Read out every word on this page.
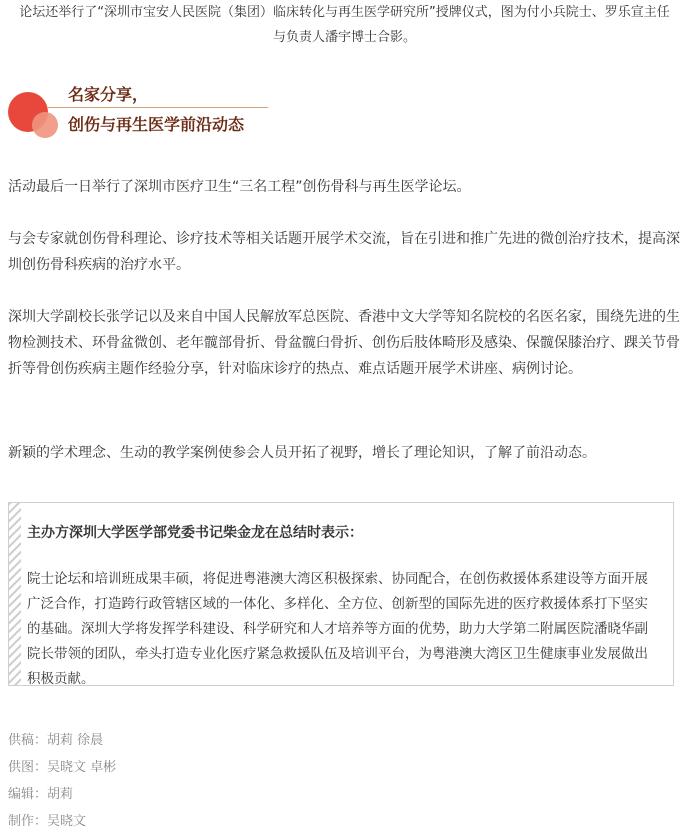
论坛还举行了“深圳市宝安人民医院（集团）临床转化与再生医学研究所”授牌仪式，图为付小兵院士、罗乐宣主任
与负责人潘宇博士合影。
名家分享，
创伤与再生医学前沿动态
活动最后一日举行了深圳市医疗卫生“三名工程”创伤骨科与再生医学论坛。
与会专家就创伤骨科理论、诊疗技术等相关话题开展学术交流，旨在引进和推广先进的微创治疗技术，提高深圳创伤骨科疾病的治疗水平。
深圳大学副校长张学记以及来自中国人民解放军总医院、香港中文大学等知名院校的名医名家，围绕先进的生物检测技术、环骨盆微创、老年髋部骨折、骨盆髋臼骨折、创伤后肢体畸形及感染、保髋保膝治疗、踝关节骨折等骨创伤疾病主题作经验分享，针对临床诊疗的热点、难点话题开展学术讲座、病例讨论。
新颖的学术理念、生动的教学案例使参会人员开拓了视野，增长了理论知识，了解了前沿动态。
主办方深圳大学医学部党委书记柴金龙在总结时表示：
院士论坛和培训班成果丰硕，将促进粤港澳大湾区积极探索、协同配合，在创伤救援体系建设等方面开展广泛合作，打造跨行政管辖区域的一体化、多样化、全方位、创新型的国际先进的医疗救援体系打下坚实的基础。深圳大学将发挥学科建设、科学研究和人才培养等方面的优势，助力大学第二附属医院潘晓华副院长带领的团队，牵头打造专业化医疗紧急救援队伍及培训平台，为粤港澳大湾区卫生健康事业发展做出积极贡献。
供稿：胡莉 徐晨
供图：吴晓文 卓彬
编辑：胡莉
制作：吴晓文
